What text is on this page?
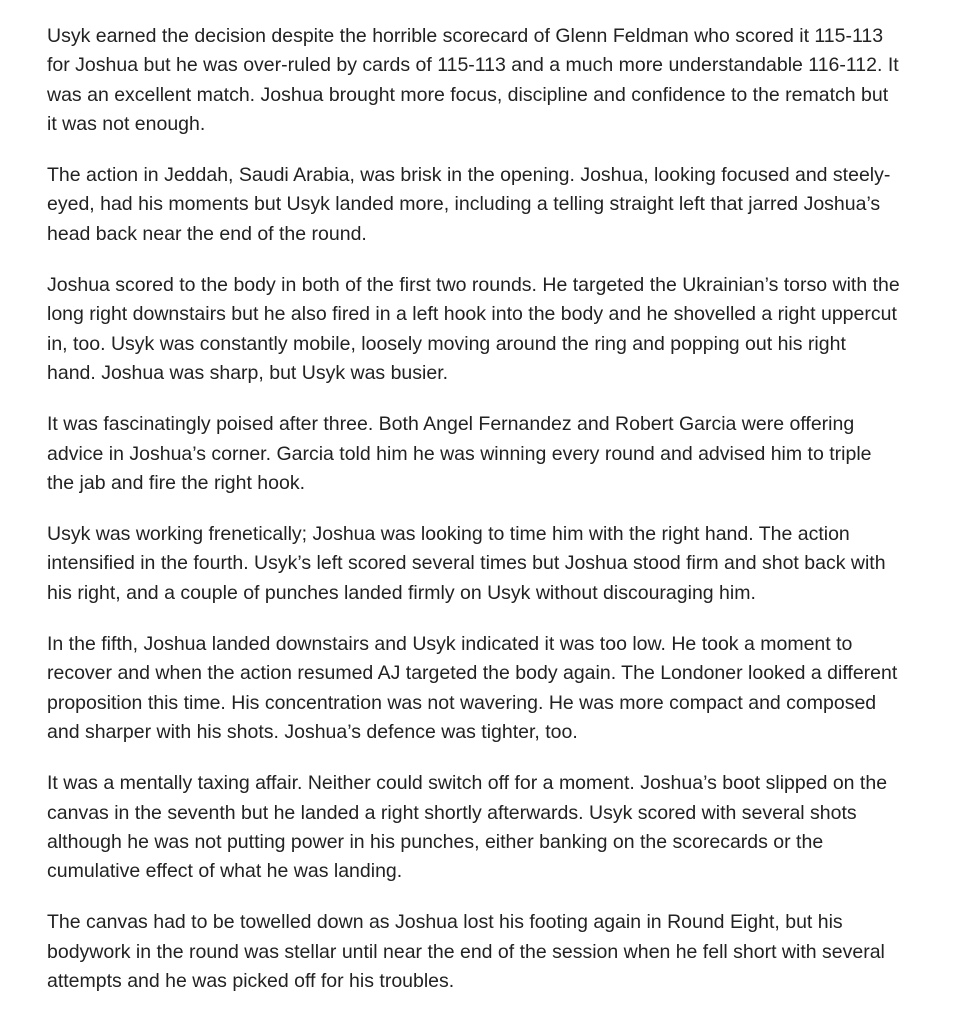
Usyk earned the decision despite the horrible scorecard of Glenn Feldman who scored it 115-113 for Joshua but he was over-ruled by cards of 115-113 and a much more understandable 116-112. It was an excellent match. Joshua brought more focus, discipline and confidence to the rematch but it was not enough.

The action in Jeddah, Saudi Arabia, was brisk in the opening. Joshua, looking focused and steely-eyed, had his moments but Usyk landed more, including a telling straight left that jarred Joshua’s head back near the end of the round.

Joshua scored to the body in both of the first two rounds. He targeted the Ukrainian’s torso with the long right downstairs but he also fired in a left hook into the body and he shovelled a right uppercut in, too. Usyk was constantly mobile, loosely moving around the ring and popping out his right hand. Joshua was sharp, but Usyk was busier.

It was fascinatingly poised after three. Both Angel Fernandez and Robert Garcia were offering advice in Joshua’s corner. Garcia told him he was winning every round and advised him to triple the jab and fire the right hook.

Usyk was working frenetically; Joshua was looking to time him with the right hand. The action intensified in the fourth. Usyk’s left scored several times but Joshua stood firm and shot back with his right, and a couple of punches landed firmly on Usyk without discouraging him.

In the fifth, Joshua landed downstairs and Usyk indicated it was too low. He took a moment to recover and when the action resumed AJ targeted the body again. The Londoner looked a different proposition this time. His concentration was not wavering. He was more compact and composed and sharper with his shots. Joshua’s defence was tighter, too.

It was a mentally taxing affair. Neither could switch off for a moment. Joshua’s boot slipped on the canvas in the seventh but he landed a right shortly afterwards. Usyk scored with several shots although he was not putting power in his punches, either banking on the scorecards or the cumulative effect of what he was landing.

The canvas had to be towelled down as Joshua lost his footing again in Round Eight, but his bodywork in the round was stellar until near the end of the session when he fell short with several attempts and he was picked off for his troubles.
